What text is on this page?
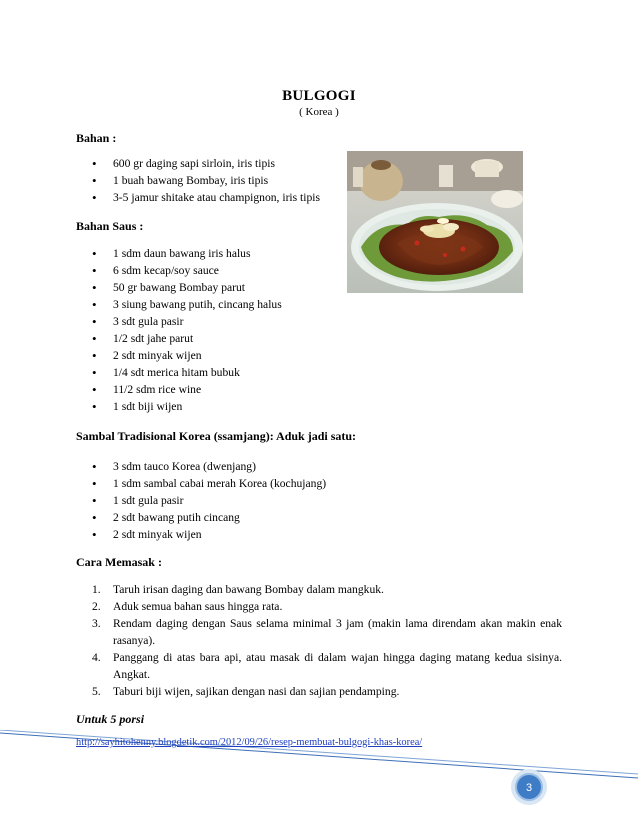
BULGOGI
( Korea )
Bahan :
• 600 gr daging sapi sirloin, iris tipis
• 1 buah bawang Bombay, iris tipis
• 3-5 jamur shitake atau champignon, iris tipis
Bahan Saus :
• 1 sdm daun bawang iris halus
• 6 sdm kecap/soy sauce
• 50 gr bawang Bombay parut
• 3 siung bawang putih, cincang halus
• 3 sdt gula pasir
• 1/2 sdt jahe parut
• 2 sdt minyak wijen
• 1/4 sdt merica hitam bubuk
• 11/2 sdm rice wine
• 1 sdt biji wijen
Sambal Tradisional Korea (ssamjang): Aduk jadi satu:
• 3 sdm tauco Korea (dwenjang)
• 1 sdm sambal cabai merah Korea (kochujang)
• 1 sdt gula pasir
• 2 sdt bawang putih cincang
• 2 sdt minyak wijen
Cara Memasak :
1. Taruh irisan daging dan bawang Bombay dalam mangkuk.
2. Aduk semua bahan saus hingga rata.
3. Rendam daging dengan Saus selama minimal 3 jam (makin lama direndam akan makin enak rasanya).
4. Panggang di atas bara api, atau masak di dalam wajan hingga daging matang kedua sisinya. Angkat.
5. Taburi biji wijen, sajikan dengan nasi dan sajian pendamping.
Untuk 5 porsi
http://sayhitohenny.blogdetik.com/2012/09/26/resep-membuat-bulgogi-khas-korea/
3
